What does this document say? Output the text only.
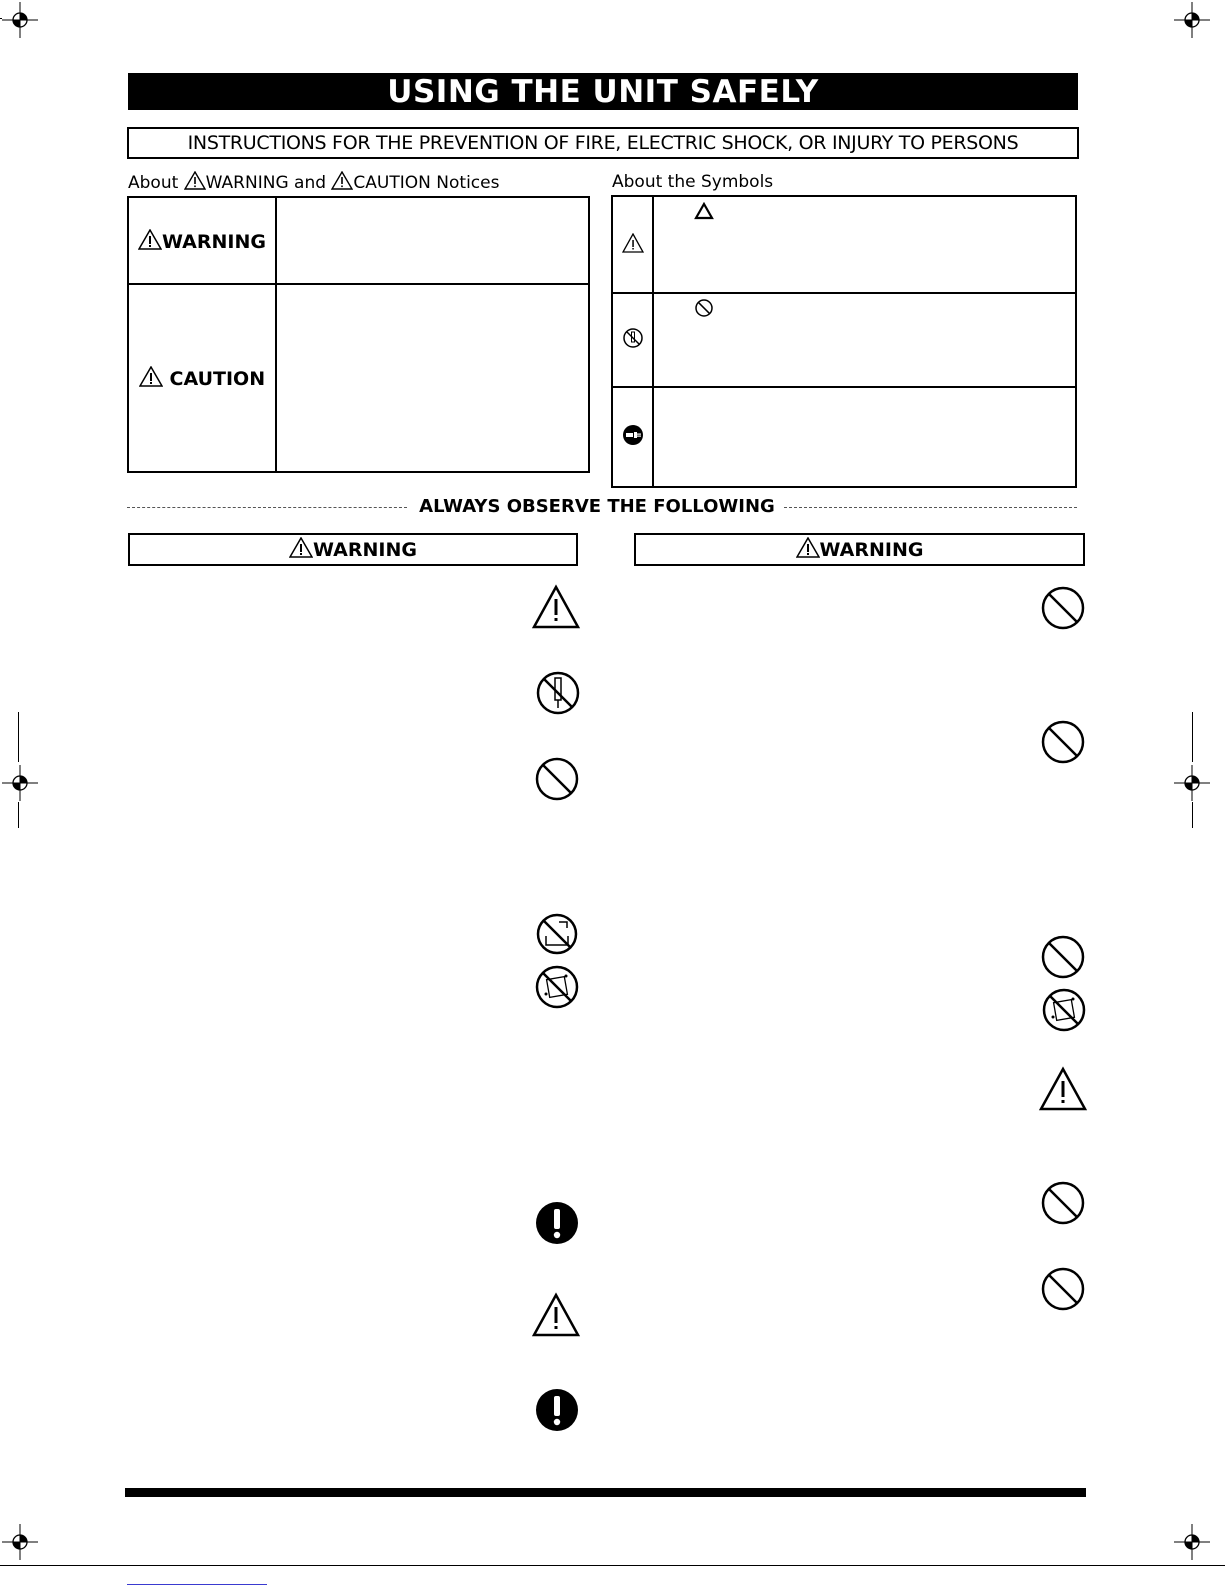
USING THE UNIT SAFELY
INSTRUCTIONS FOR THE PREVENTION OF FIRE, ELECTRIC SHOCK, OR INJURY TO PERSONS
About WARNING and CAUTION Notices
WARNING	
CAUTION	
About the Symbols

ALWAYS OBSERVE THE FOLLOWING
WARNING	WARNING
